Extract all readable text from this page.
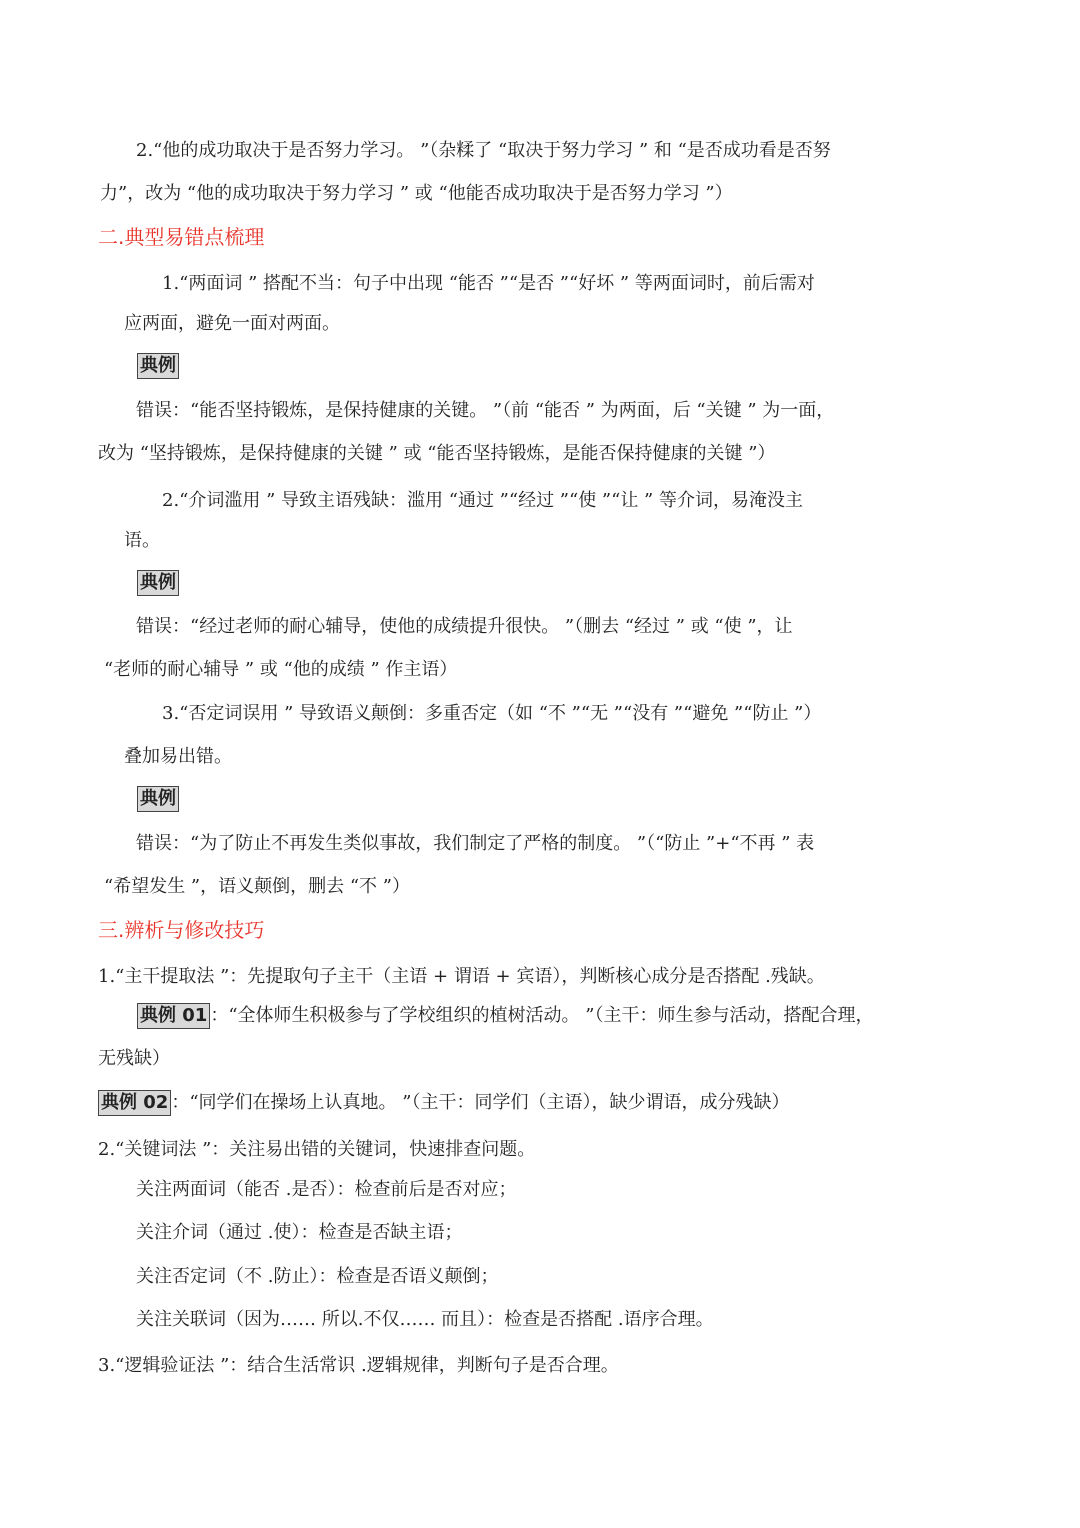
2.“他的成功取决于是否努力学习。 ”（杂糅了 “取决于努力学习 ” 和 “是否成功看是否努
力”，改为 “他的成功取决于努力学习 ” 或 “他能否成功取决于是否努力学习 ”）
二.典型易错点梳理
1.“两面词 ” 搭配不当：句子中出现 “能否 ”“是否 ”“好坏 ” 等两面词时，前后需对
应两面，避免一面对两面。
典例
错误：“能否坚持锻炼，是保持健康的关键。 ”（前 “能否 ” 为两面，后 “关键 ” 为一面，
改为 “坚持锻炼，是保持健康的关键 ” 或 “能否坚持锻炼，是能否保持健康的关键 ”）
2.“介词滥用 ” 导致主语残缺：滥用 “通过 ”“经过 ”“使 ”“让 ” 等介词，易淹没主
语。
典例
错误：“经过老师的耐心辅导，使他的成绩提升很快。 ”（删去 “经过 ” 或 “使 ”，让
“老师的耐心辅导 ” 或 “他的成绩 ” 作主语）
3.“否定词误用 ” 导致语义颠倒：多重否定（如 “不 ”“无 ”“没有 ”“避免 ”“防止 ”）
叠加易出错。
典例
错误：“为了防止不再发生类似事故，我们制定了严格的制度。 ”（“防止 ”+“不再 ” 表
“希望发生 ”，语义颠倒，删去 “不 ”）
三.辨析与修改技巧
1.“主干提取法 ”：先提取句子主干（主语 + 谓语 + 宾语），判断核心成分是否搭配 .残缺。
典例 01 ：“全体师生积极参与了学校组织的植树活动。 ”（主干：师生参与活动，搭配合理，
无残缺）
典例 02 ：“同学们在操场上认真地。 ”（主干：同学们（主语），缺少谓语，成分残缺）
2.“关键词法 ”：关注易出错的关键词，快速排查问题。
关注两面词（能否 .是否）：检查前后是否对应；
关注介词（通过 .使）：检查是否缺主语；
关注否定词（不 .防止）：检查是否语义颠倒；
关注关联词（因为…… 所以.不仅…… 而且）：检查是否搭配 .语序合理。
3.“逻辑验证法 ”：结合生活常识 .逻辑规律，判断句子是否合理。
